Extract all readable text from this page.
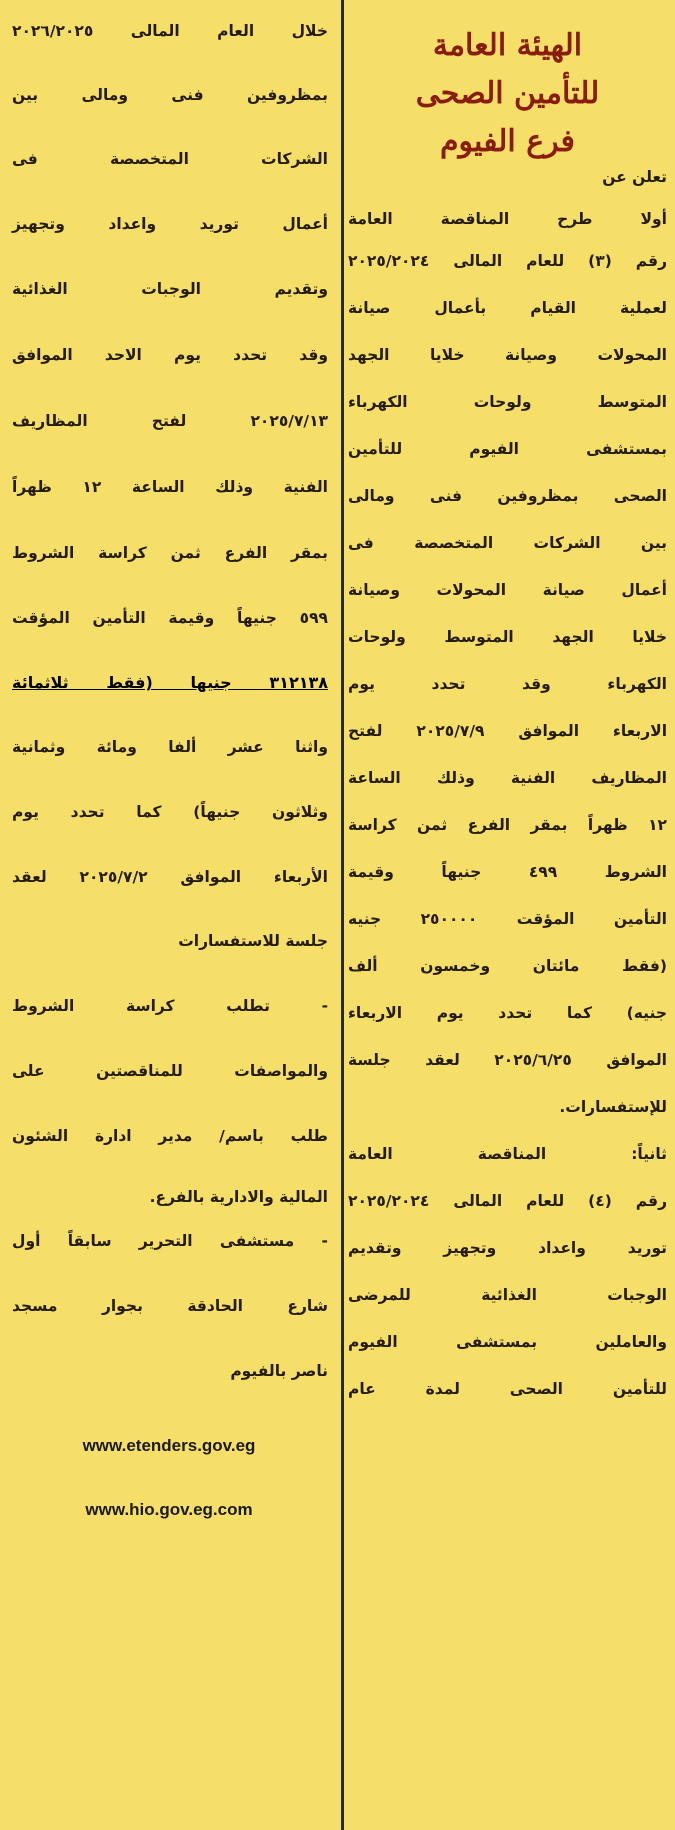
الهيئة العامة
للتأمين الصحى
فرع الفيوم
تعلن عن
أولا طرح المناقصة العامة
رقم (٣) للعام المالى ٢٠٢٥/٢٠٢٤
لعملية القيام بأعمال صيانة
المحولات وصيانة خلايا الجهد
المتوسط ولوحات الكهرباء
بمستشفى الفيوم للتأمين
الصحى بمظروفين فنى ومالى
بين الشركات المتخصصة فى
أعمال صيانة المحولات وصيانة
خلايا الجهد المتوسط ولوحات
الكهرباء وقد تحدد يوم
الاربعاء الموافق ٢٠٢٥/٧/٩ لفتح
المظاريف الفنية وذلك الساعة
١٢ ظهراً بمقر الفرع ثمن كراسة
الشروط ٤٩٩ جنيهاً وقيمة
التأمين المؤقت ٢٥٠٠٠٠ جنيه
(فقط مائتان وخمسون ألف
جنيه) كما تحدد يوم الاربعاء
الموافق ٢٠٢٥/٦/٢٥ لعقد جلسة
للإستفسارات.
ثانياً: المناقصة العامة
رقم (٤) للعام المالى ٢٠٢٥/٢٠٢٤
توريد واعداد وتجهيز وتقديم
الوجبات الغذائية للمرضى
والعاملين بمستشفى الفيوم
للتأمين الصحى لمدة عام
خلال العام المالى ٢٠٢٦/٢٠٢٥
بمظروفين فنى ومالى بين
الشركات المتخصصة فى
أعمال توريد واعداد وتجهيز
وتقديم الوجبات الغذائية
وقد تحدد يوم الاحد الموافق
٢٠٢٥/٧/١٣ لفتح المظاريف
الفنية وذلك الساعة ١٢ ظهراً
بمقر الفرع ثمن كراسة الشروط
٥٩٩ جنيهاً وقيمة التأمين المؤقت
٣١٢١٣٨ جنيها (فقط ثلاثمائة
واثنا عشر ألفا ومائة وثمانية
وثلاثون جنيهاً) كما تحدد يوم
الأربعاء الموافق ٢٠٢٥/٧/٢ لعقد
جلسة للاستفسارات
- تطلب كراسة الشروط
والمواصفات للمناقصتين على
طلب باسم/ مدير ادارة الشئون
المالية والادارية بالفرع.
- مستشفى التحرير سابقاً أول
شارع الحادقة بجوار مسجد
ناصر بالفيوم
www.etenders.gov.eg
www.hio.gov.eg.com
